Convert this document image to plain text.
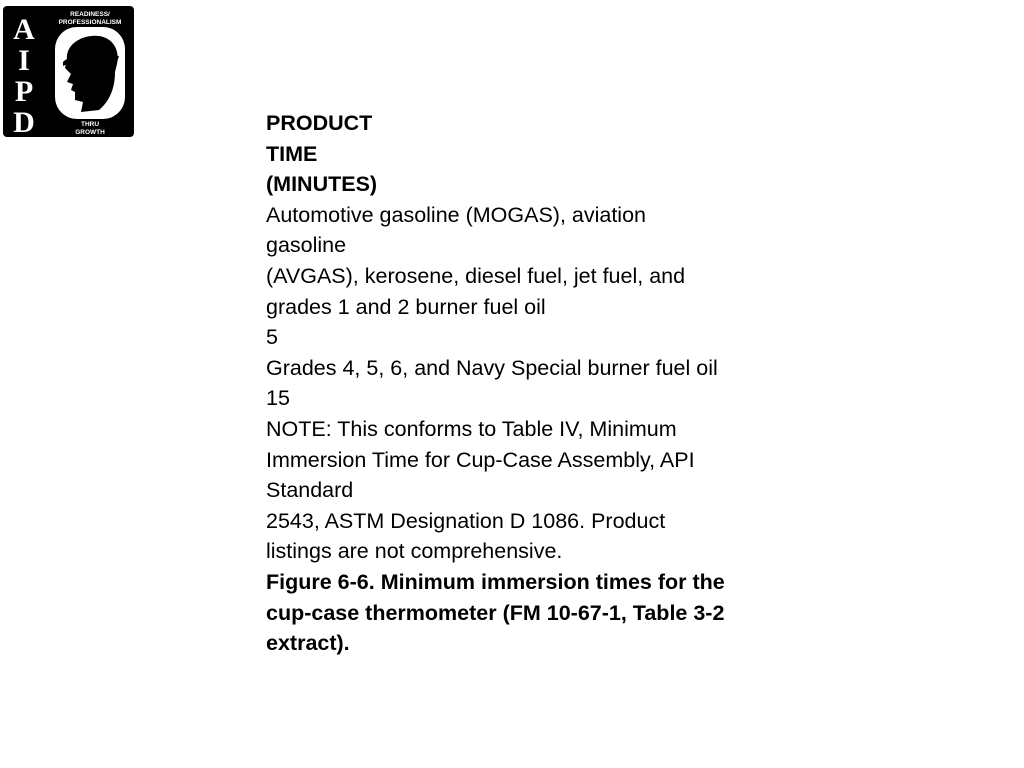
A
I
P
D
READINESS/
PROFESSIONALISM
THRU
GROWTH	PRODUCT
TIME
(MINUTES)
Automotive gasoline (MOGAS), aviation
gasoline
(AVGAS), kerosene, diesel fuel, jet fuel, and
grades 1 and 2 burner fuel oil
5
Grades 4, 5, 6, and Navy Special burner fuel oil
15
NOTE: This conforms to Table IV, Minimum
Immersion Time for Cup-Case Assembly, API
Standard
2543, ASTM Designation D 1086. Product
listings are not comprehensive.
Figure 6-6. Minimum immersion times for the
cup-case thermometer (FM 10-67-1, Table 3-2
extract).
